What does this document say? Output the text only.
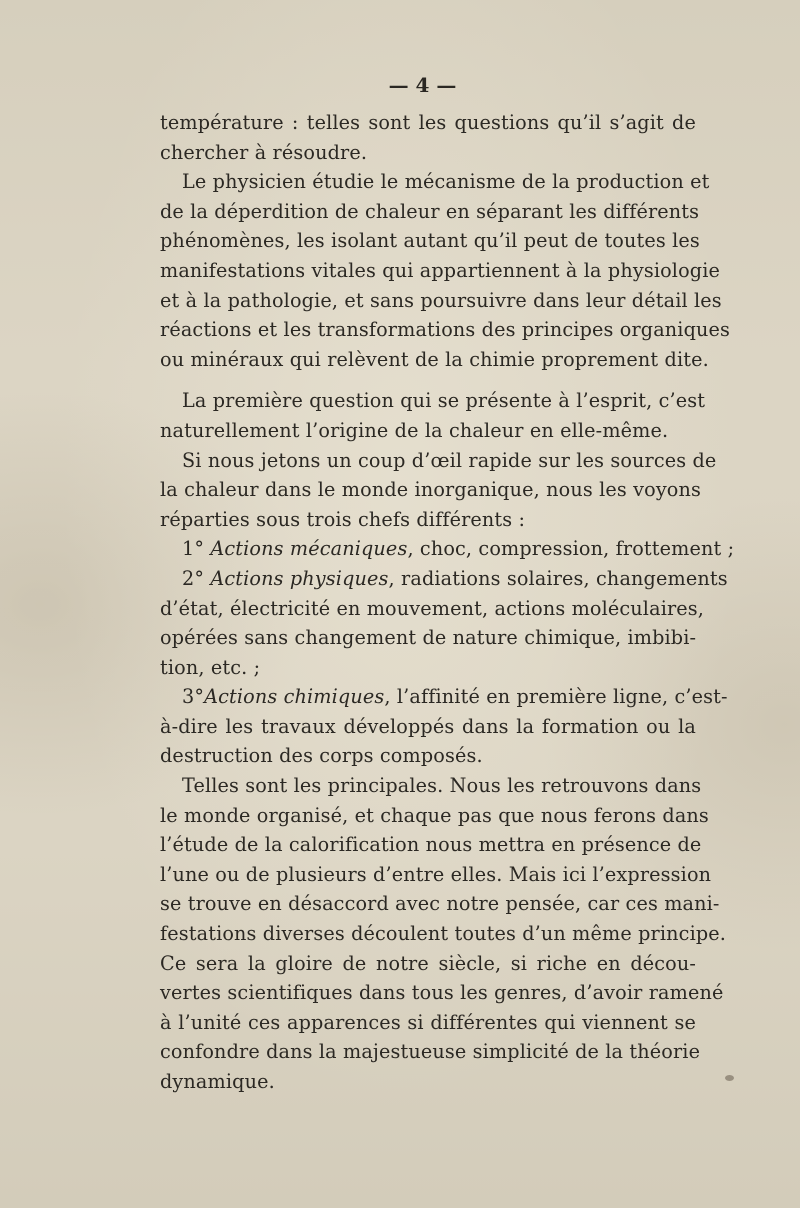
— 4 —
température : telles sont les questions qu’il s’agit de
chercher à résoudre.
Le physicien étudie le mécanisme de la production et
de la déperdition de chaleur en séparant les différents
phénomènes, les isolant autant qu’il peut de toutes les
manifestations vitales qui appartiennent à la physiologie
et à la pathologie, et sans poursuivre dans leur détail les
réactions et les transformations des principes organiques
ou minéraux qui relèvent de la chimie proprement dite.
La première question qui se présente à l’esprit, c’est
naturellement l’origine de la chaleur en elle-même.
Si nous jetons un coup d’œil rapide sur les sources de
la chaleur dans le monde inorganique, nous les voyons
réparties sous trois chefs différents :
1° Actions mécaniques, choc, compression, frottement ;
2° Actions physiques, radiations solaires, changements
d’état, électricité en mouvement, actions moléculaires,
opérées sans changement de nature chimique, imbibi-
tion, etc. ;
3°Actions chimiques, l’affinité en première ligne, c’est-
à-dire les travaux développés dans la formation ou la
destruction des corps composés.
Telles sont les principales. Nous les retrouvons dans
le monde organisé, et chaque pas que nous ferons dans
l’étude de la calorification nous mettra en présence de
l’une ou de plusieurs d’entre elles. Mais ici l’expression
se trouve en désaccord avec notre pensée, car ces mani-
festations diverses découlent toutes d’un même principe.
Ce sera la gloire de notre siècle, si riche en décou-
vertes scientifiques dans tous les genres, d’avoir ramené
à l’unité ces apparences si différentes qui viennent se
confondre dans la majestueuse simplicité de la théorie
dynamique.
